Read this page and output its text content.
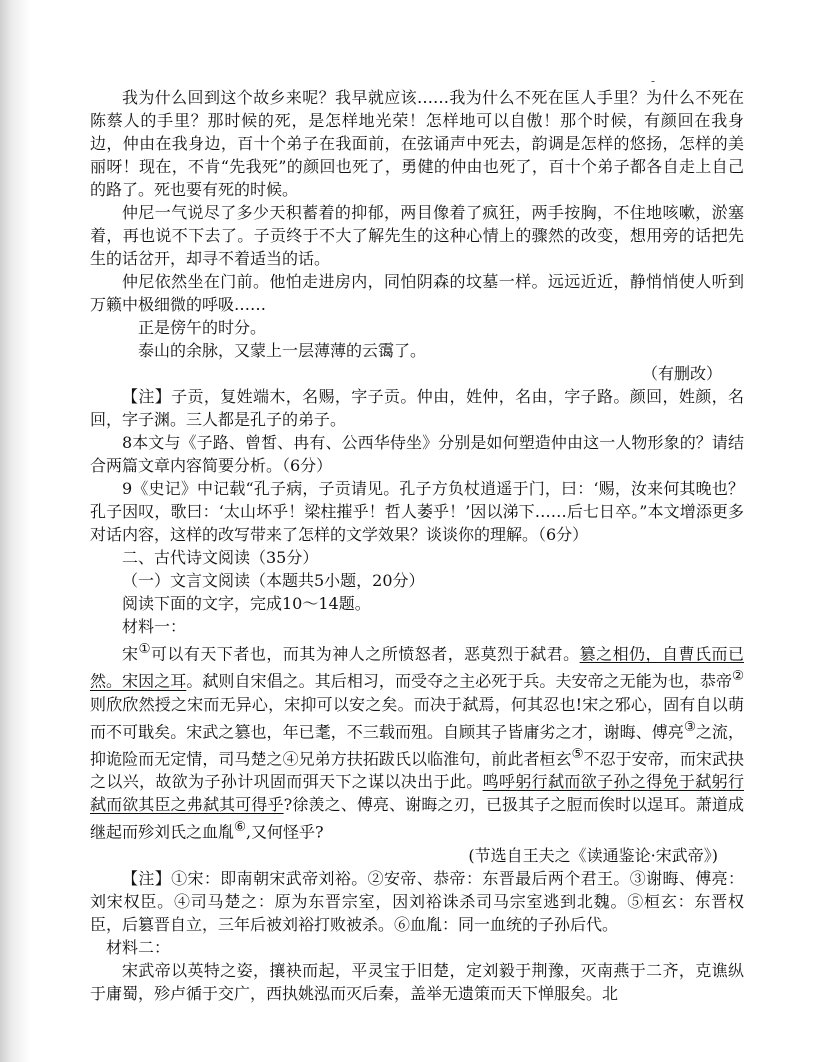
-

我为什么回到这个故乡来呢？我早就应该……我为什么不死在匡人手里？为什么不死在陈蔡人的手里？那时候的死，是怎样地光荣！怎样地可以自傲！那个时候，有颜回在我身边，仲由在我身边，百十个弟子在我面前，在弦诵声中死去，韵调是怎样的悠扬，怎样的美丽呀！现在，不肯“先我死”的颜回也死了，勇健的仲由也死了，百十个弟子都各自走上自己的路了。死也要有死的时候。

仲尼一气说尽了多少天积蓄着的抑郁，两目像着了疯狂，两手按胸，不住地咳嗽，淤塞着，再也说不下去了。子贡终于不大了解先生的这种心情上的骤然的改变，想用旁的话把先生的话岔开，却寻不着适当的话。

仲尼依然坐在门前。他怕走进房内，同怕阴森的坟墓一样。远远近近，静悄悄使人听到万籁中极细微的呼吸……

正是傍午的时分。

泰山的余脉，又蒙上一层薄薄的云霭了。

（有删改）

【注】子贡，复姓端木，名赐，字子贡。仲由，姓仲，名由，字子路。颜回，姓颜，名回，字子渊。三人都是孔子的弟子。

8本文与《子路、曾皙、冉有、公西华侍坐》分别是如何塑造仲由这一人物形象的？请结合两篇文章内容简要分析。（6分）

9《史记》中记载“孔子病，子贡请见。孔子方负杖逍遥于门，曰：‘赐，汝来何其晚也？孔子因叹，歌曰：‘太山坏乎！梁柱摧乎！哲人萎乎！’因以涕下……后七日卒。”本文增添更多对话内容，这样的改写带来了怎样的文学效果？谈谈你的理解。（6分）

二、古代诗文阅读（35分）

（一）文言文阅读（本题共5小题，20分）

阅读下面的文字，完成10～14题。

材料一：

宋①可以有天下者也，而其为神人之所愤怒者，恶莫烈于弑君。篡之相仍，自曹氏而已然。宋因之耳。弑则自宋倡之。其后相习，而受夺之主必死于兵。夫安帝之无能为也，恭帝②则欣欣然授之宋而无异心，宋抑可以安之矣。而决于弑焉，何其忍也!宋之邪心，固有自以萌而不可戢矣。宋武之篡也，年已耄，不三载而殂。自顾其子皆庸劣之才，谢晦、傅亮③之流，抑诡险而无定情，司马楚之④兄弟方扶拓跋氏以临淮句，前此者桓玄⑤不忍于安帝，而宋武抉之以兴，故欲为子孙计巩固而弭天下之谋以决出于此。鸣呼躬行弑而欲子孙之得免于弑躬行弑而欲其臣之弗弑其可得乎?徐羡之、傅亮、谢晦之刃，已扱其子之脰而俟时以逞耳。萧道成继起而殄刘氏之血胤⑥,又何怪乎?

(节选自王夫之《读通鉴论·宋武帝》)

【注】①宋：即南朝宋武帝刘裕。②安帝、恭帝：东晋最后两个君王。③谢晦、傅亮：刘宋权臣。④司马楚之：原为东晋宗室，因刘裕诛杀司马宗室逃到北魏。⑤桓玄：东晋权臣，后篡晋自立，三年后被刘裕打败被杀。⑥血胤：同一血统的子孙后代。

材料二：

宋武帝以英特之姿，攘袂而起，平灵宝于旧楚，定刘毅于荆豫，灭南燕于二齐，克谯纵于庸蜀，殄卢循于交广，西执姚泓而灭后秦，盖举无遗策而天下惮服矣。北
